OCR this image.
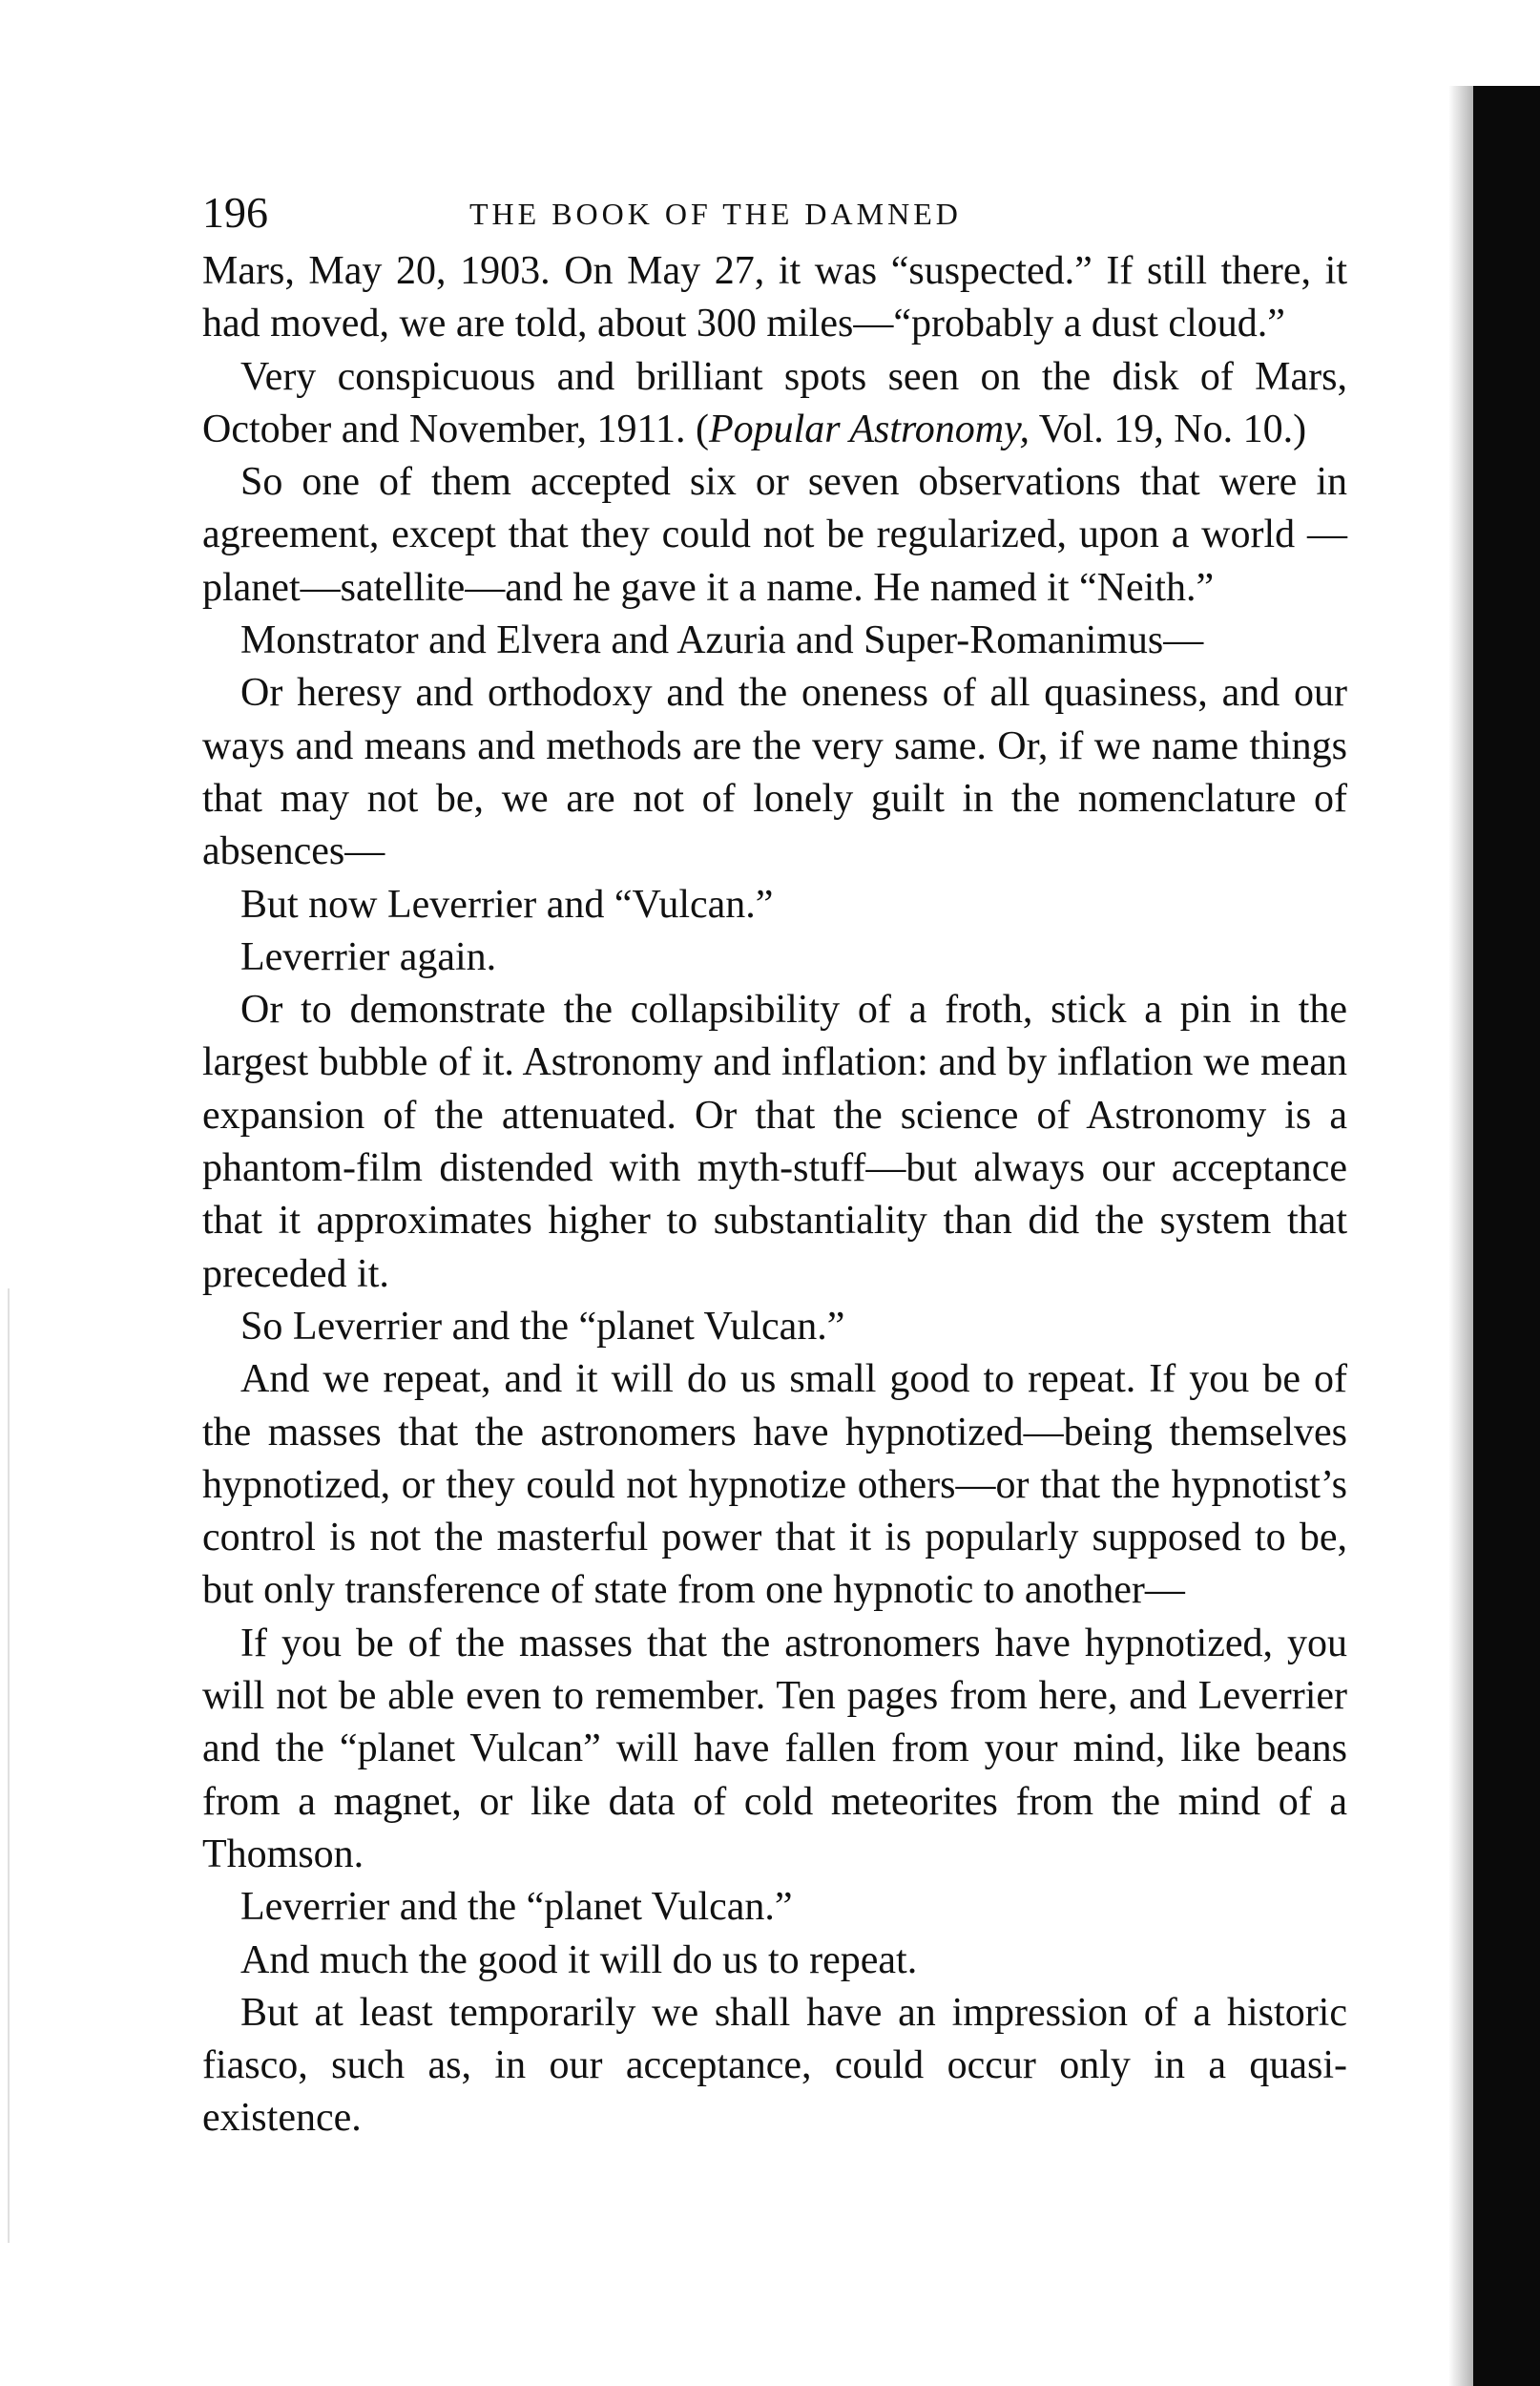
196	THE BOOK OF THE DAMNED

Mars, May 20, 1903. On May 27, it was “suspected.” If still there, it had moved, we are told, about 300 miles—“probably a dust cloud.”

Very conspicuous and brilliant spots seen on the disk of Mars, October and November, 1911. (Popular Astronomy, Vol. 19, No. 10.)

So one of them accepted six or seven observations that were in agreement, except that they could not be regularized, upon a world —planet—satellite—and he gave it a name. He named it “Neith.”

Monstrator and Elvera and Azuria and Super-Romanimus—

Or heresy and orthodoxy and the oneness of all quasiness, and our ways and means and methods are the very same. Or, if we name things that may not be, we are not of lonely guilt in the nomenclature of absences—

But now Leverrier and “Vulcan.”

Leverrier again.

Or to demonstrate the collapsibility of a froth, stick a pin in the largest bubble of it. Astronomy and inflation: and by inflation we mean expansion of the attenuated. Or that the science of Astronomy is a phantom-film distended with myth-stuff—but always our acceptance that it approximates higher to substantiality than did the system that preceded it.

So Leverrier and the “planet Vulcan.”

And we repeat, and it will do us small good to repeat. If you be of the masses that the astronomers have hypnotized—being themselves hypnotized, or they could not hypnotize others—or that the hypnotist’s control is not the masterful power that it is popularly supposed to be, but only transference of state from one hypnotic to another—

If you be of the masses that the astronomers have hypnotized, you will not be able even to remember. Ten pages from here, and Leverrier and the “planet Vulcan” will have fallen from your mind, like beans from a magnet, or like data of cold meteorites from the mind of a Thomson.

Leverrier and the “planet Vulcan.”

And much the good it will do us to repeat.

But at least temporarily we shall have an impression of a historic fiasco, such as, in our acceptance, could occur only in a quasi-existence.
